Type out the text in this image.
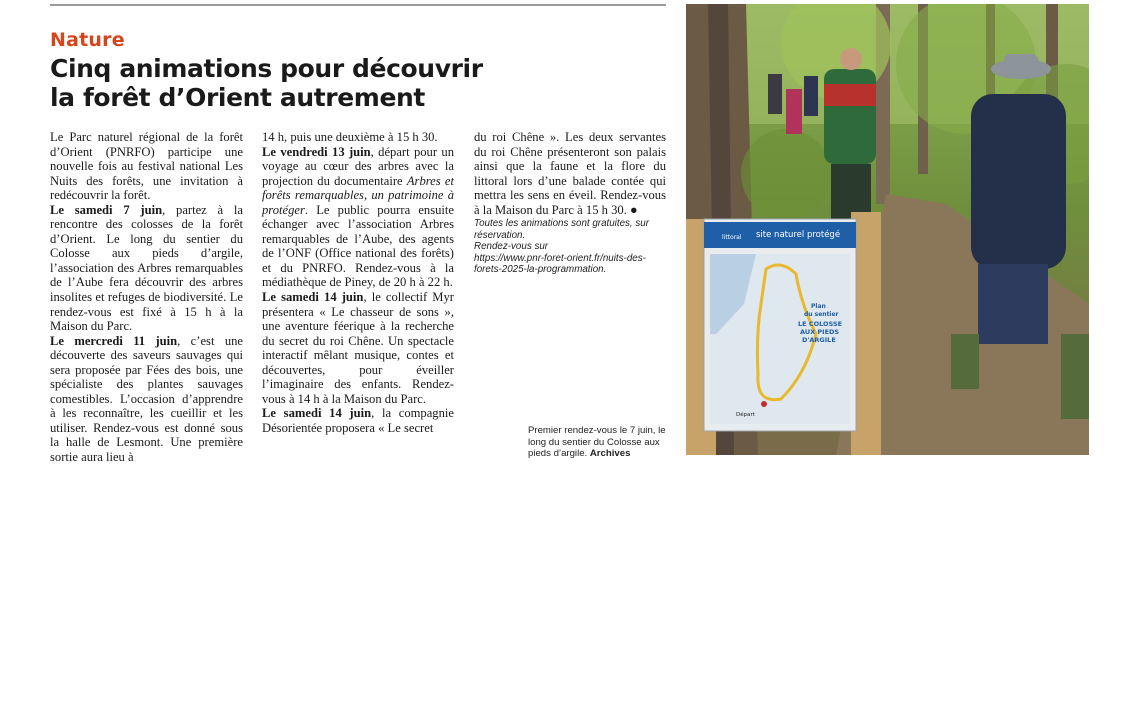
Nature
Cinq animations pour découvrir
la forêt d’Orient autrement

Le Parc naturel régional de la forêt d’Orient (PNRFO) participe une nouvelle fois au festival national Les Nuits des forêts, une invitation à redécouvrir la forêt.

Le samedi 7 juin, partez à la rencontre des colosses de la forêt d’Orient. Le long du sentier du Colosse aux pieds d’argile, l’association des Arbres remarquables de l’Aube fera découvrir des arbres insolites et refuges de biodiversité. Le rendez-vous est fixé à 15 h à la Maison du Parc.

Le mercredi 11 juin, c’est une découverte des saveurs sauvages qui sera proposée par Fées des bois, une spécialiste des plantes sauvages comestibles. L’occasion d’apprendre à les reconnaître, les cueillir et les utiliser. Rendez-vous est donné sous la halle de Lesmont. Une première sortie aura lieu à

14 h, puis une deuxième à 15 h 30.

Le vendredi 13 juin, départ pour un voyage au cœur des arbres avec la projection du documentaire Arbres et forêts remarquables, un patrimoine à protéger. Le public pourra ensuite échanger avec l’association Arbres remarquables de l’Aube, des agents de l’ONF (Office national des forêts) et du PNRFO. Rendez-vous à la médiathèque de Piney, de 20 h à 22 h.

Le samedi 14 juin, le collectif Myr présentera « Le chasseur de sons », une aventure féerique à la recherche du secret du roi Chêne. Un spectacle interactif mêlant musique, contes et découvertes, pour éveiller l’imaginaire des enfants. Rendez-vous à 14 h à la Maison du Parc.

Le samedi 14 juin, la compagnie Désorientée proposera « Le secret

du roi Chêne ». Les deux servantes du roi Chêne présenteront son palais ainsi que la faune et la flore du littoral lors d’une balade contée qui mettra les sens en éveil. Rendez-vous à la Maison du Parc à 15 h 30. ●

Toutes les animations sont gratuites, sur réservation.
Rendez-vous sur
https://www.pnr-foret-orient.fr/nuits-des-forets-2025-la-programmation.
littoral site naturel protégé
Plan
du sentier
LE COLOSSE
AUX PIEDS
D'ARGILE
Départ
Premier rendez-vous le 7 juin, le long du sentier du Colosse aux pieds d’argile. Archives
